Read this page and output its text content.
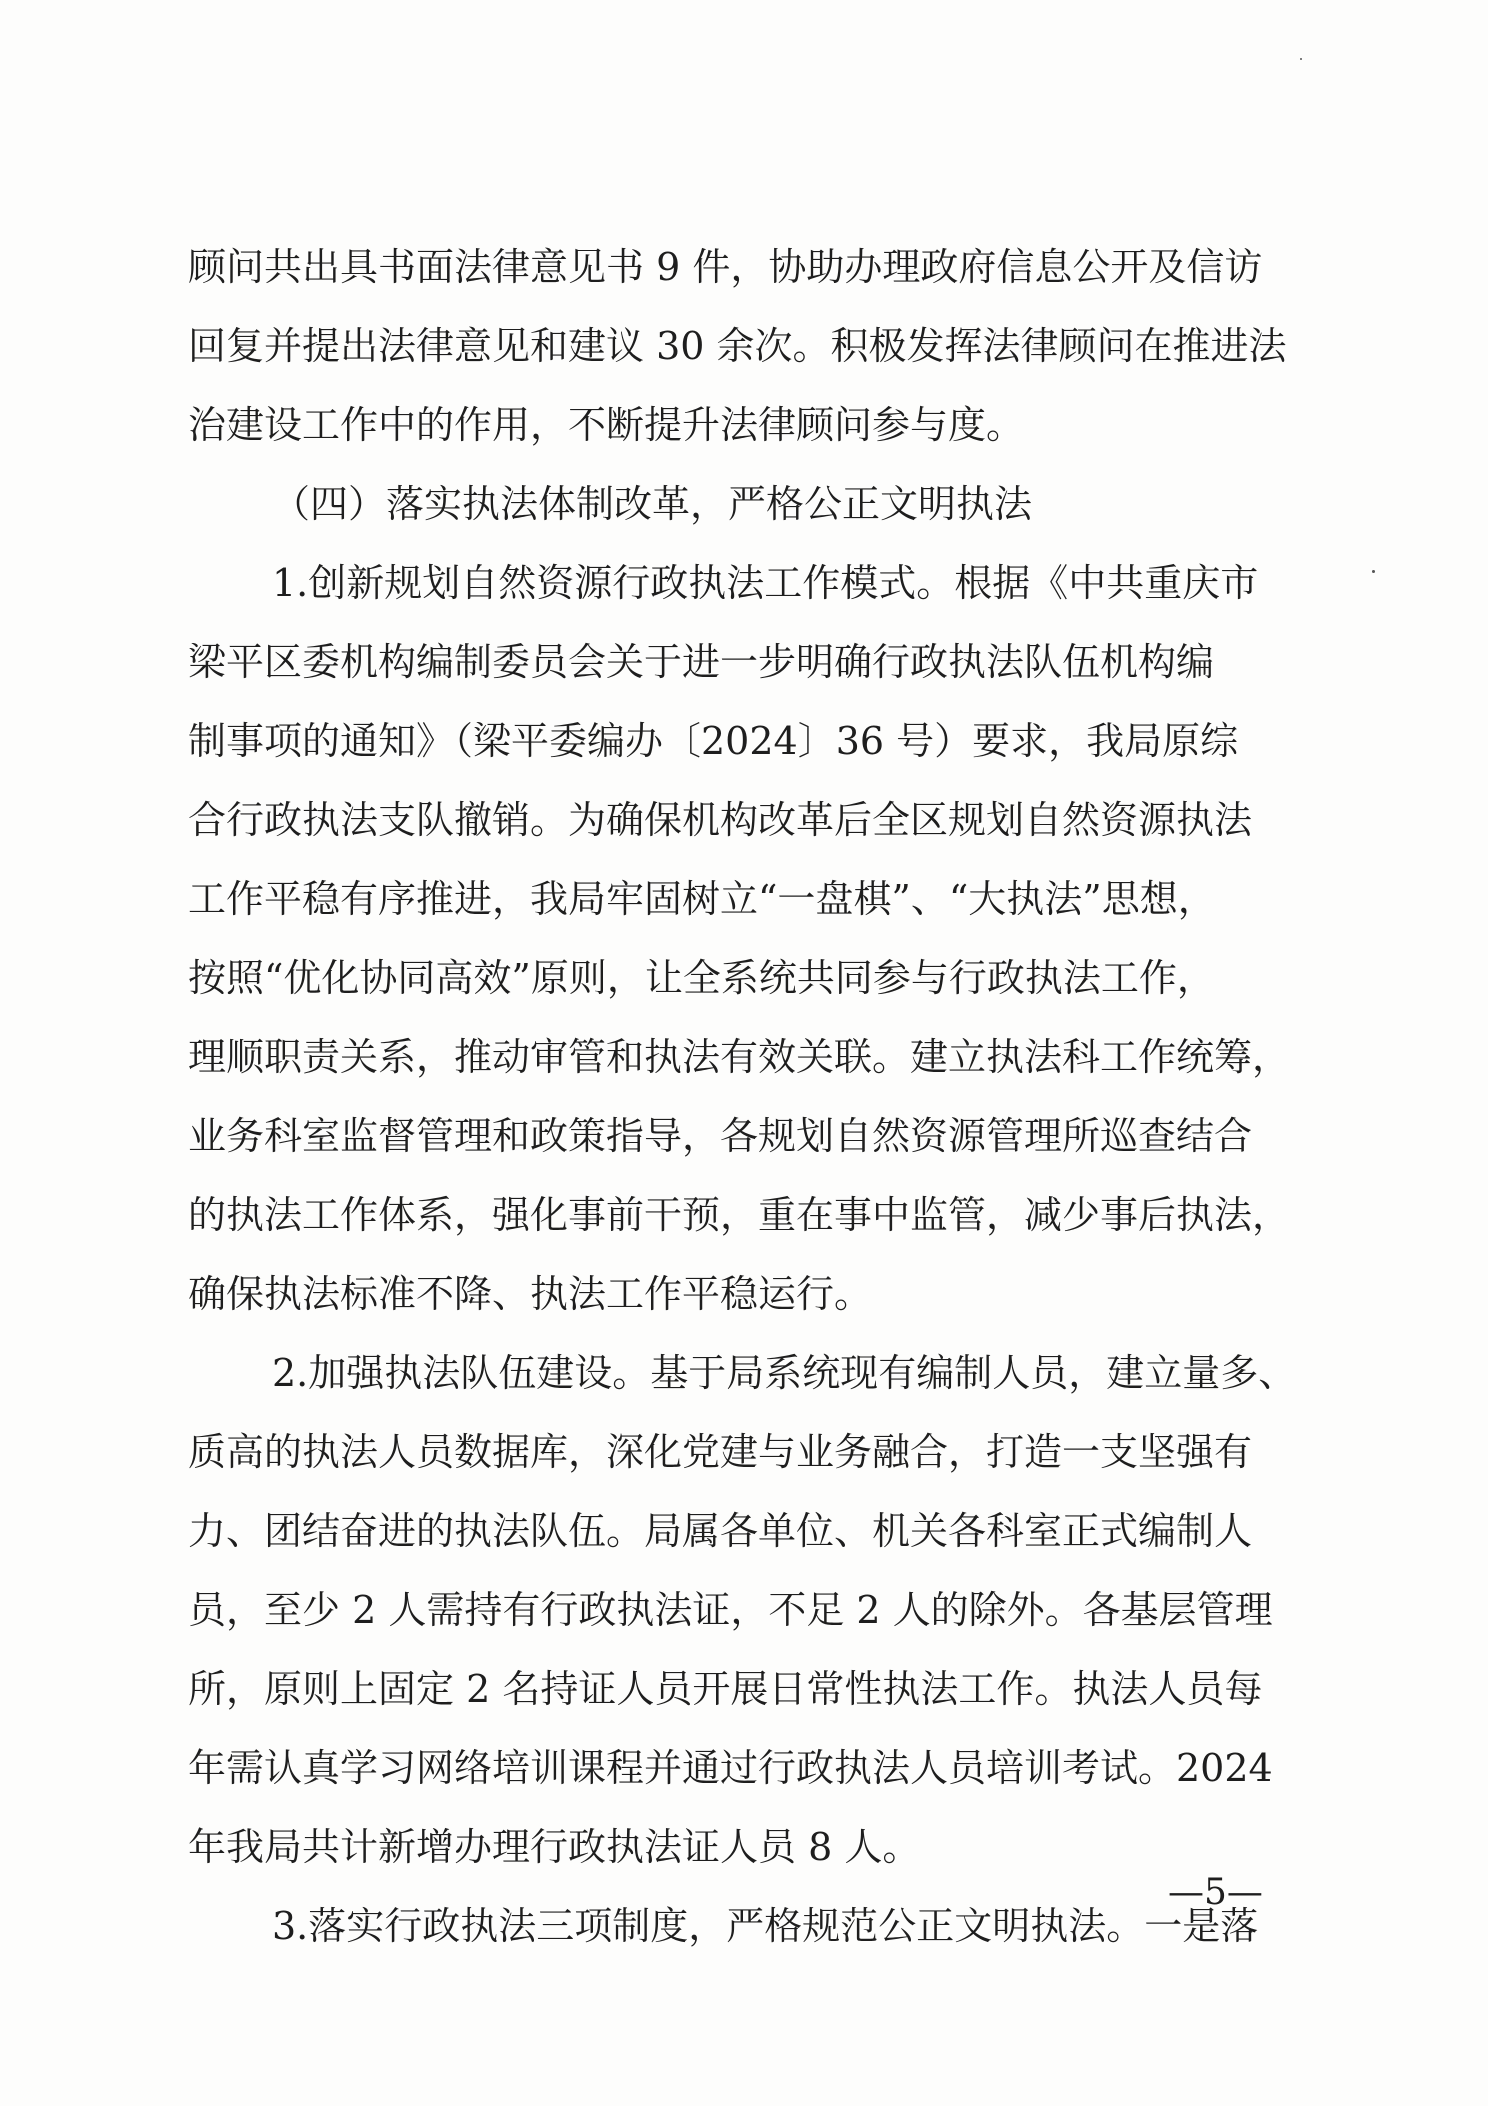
顾问共出具书面法律意见书 9 件，协助办理政府信息公开及信访
回复并提出法律意见和建议 30 余次。积极发挥法律顾问在推进法
治建设工作中的作用，不断提升法律顾问参与度。
（四）落实执法体制改革，严格公正文明执法
1.创新规划自然资源行政执法工作模式。根据《中共重庆市
梁平区委机构编制委员会关于进一步明确行政执法队伍机构编
制事项的通知》（梁平委编办〔2024〕36 号）要求，我局原综
合行政执法支队撤销。为确保机构改革后全区规划自然资源执法
工作平稳有序推进，我局牢固树立“一盘棋”、“大执法”思想，
按照“优化协同高效”原则，让全系统共同参与行政执法工作，
理顺职责关系，推动审管和执法有效关联。建立执法科工作统筹，
业务科室监督管理和政策指导，各规划自然资源管理所巡查结合
的执法工作体系，强化事前干预，重在事中监管，减少事后执法，
确保执法标准不降、执法工作平稳运行。
2.加强执法队伍建设。基于局系统现有编制人员，建立量多、
质高的执法人员数据库，深化党建与业务融合，打造一支坚强有
力、团结奋进的执法队伍。局属各单位、机关各科室正式编制人
员，至少 2 人需持有行政执法证，不足 2 人的除外。各基层管理
所，原则上固定 2 名持证人员开展日常性执法工作。执法人员每
年需认真学习网络培训课程并通过行政执法人员培训考试。2024
年我局共计新增办理行政执法证人员 8 人。
3.落实行政执法三项制度，严格规范公正文明执法。一是落
—5—
